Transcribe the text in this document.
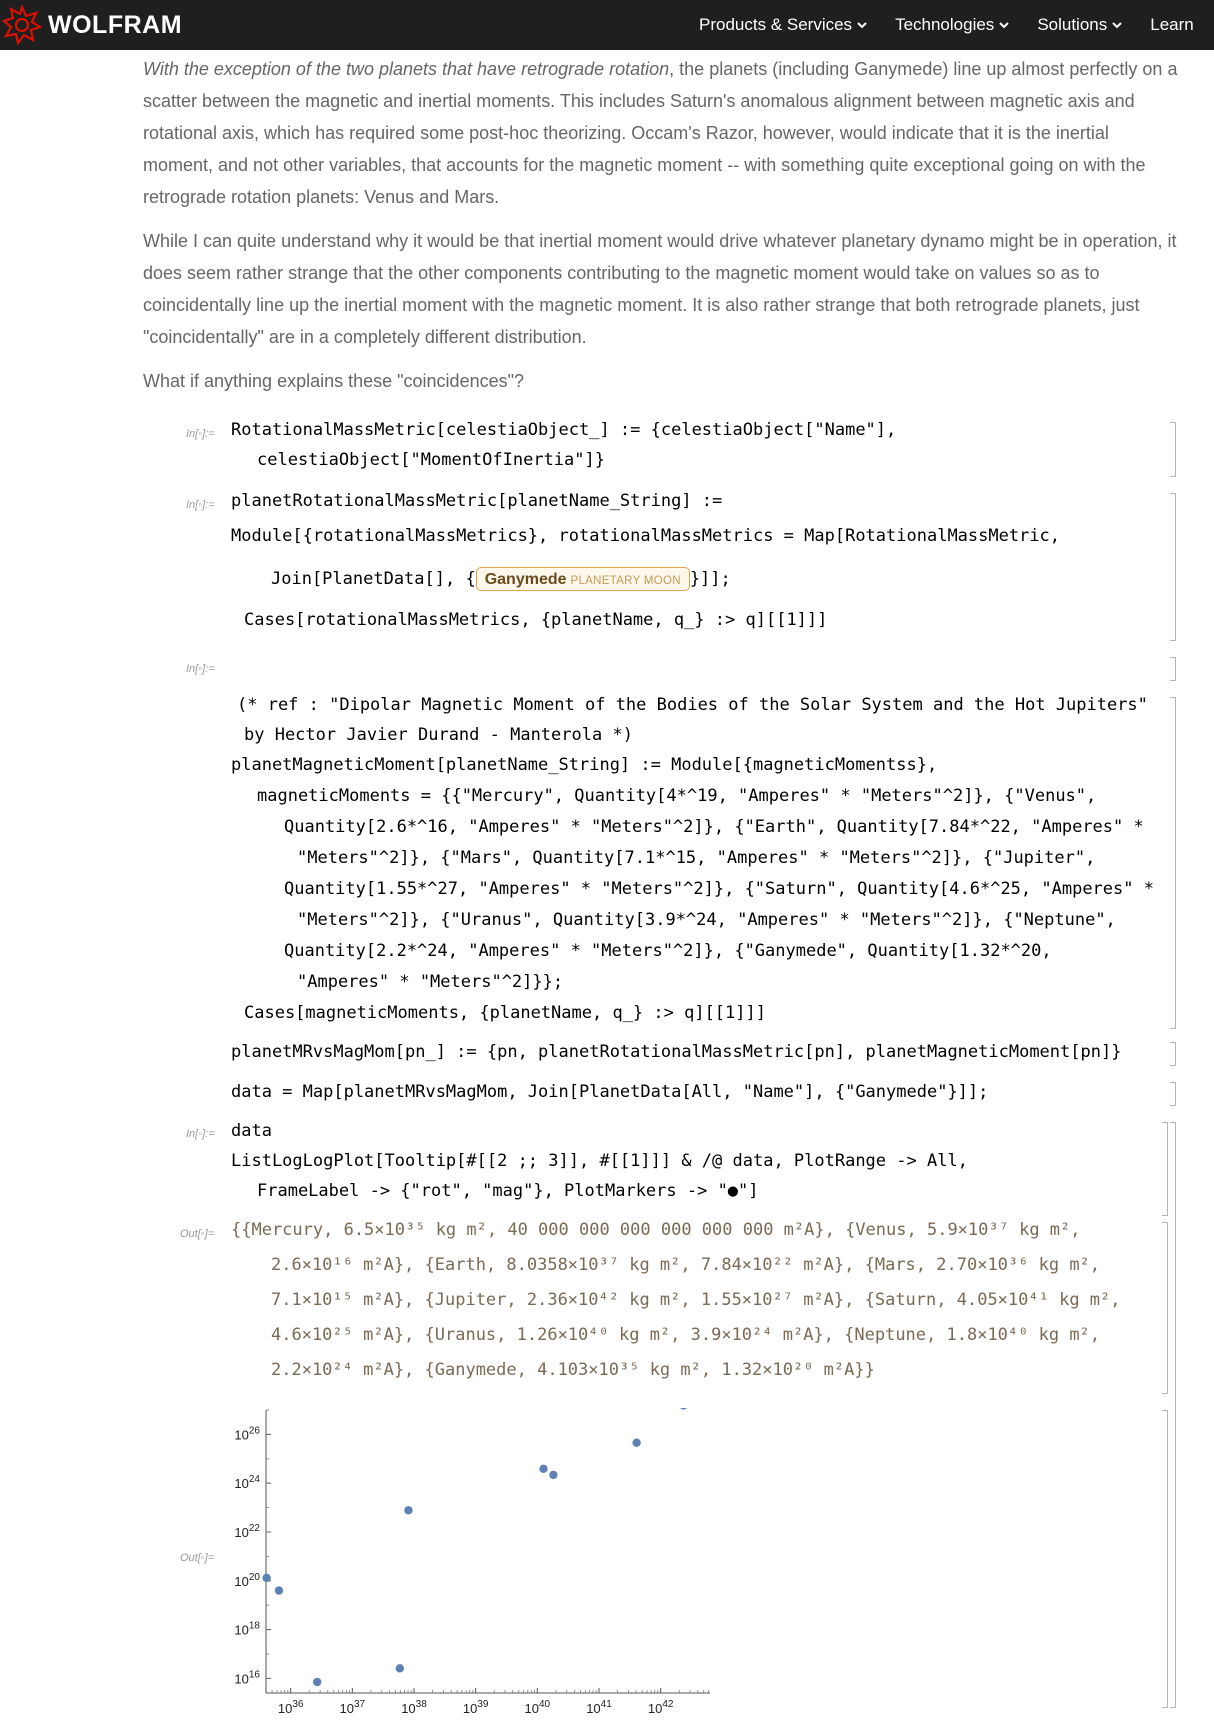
WOLFRAM	Products & Services	Technologies	Solutions	Learn

With the exception of the two planets that have retrograde rotation, the planets (including Ganymede) line up almost perfectly on a scatter between the magnetic and inertial moments. This includes Saturn's anomalous alignment between magnetic axis and rotational axis, which has required some post-hoc theorizing. Occam's Razor, however, would indicate that it is the inertial moment, and not other variables, that accounts for the magnetic moment -- with something quite exceptional going on with the retrograde rotation planets: Venus and Mars.

While I can quite understand why it would be that inertial moment would drive whatever planetary dynamo might be in operation, it does seem rather strange that the other components contributing to the magnetic moment would take on values so as to coincidentally line up the inertial moment with the magnetic moment. It is also rather strange that both retrograde planets, just "coincidentally" are in a completely different distribution.

What if anything explains these "coincidences"?

In[◦]:= RotationalMassMetric[celestiaObject_] := {celestiaObject["Name"],
celestiaObject["MomentOfInertia"]}
In[◦]:= planetRotationalMassMetric[planetName_String] :=
Module[{rotationalMassMetrics}, rotationalMassMetrics = Map[RotationalMassMetric,
Join[PlanetData[], { Ganymede PLANETARY MOON }]];
Cases[rotationalMassMetrics, {planetName, q_} :> q][[1]]]
In[◦]:=
(* ref : "Dipolar Magnetic Moment of the Bodies of the Solar System and the Hot Jupiters"
by Hector Javier Durand - Manterola *)
planetMagneticMoment[planetName_String] := Module[{magneticMomentss},
magneticMoments = {{"Mercury", Quantity[4*^19, "Amperes" * "Meters"^2]}, {"Venus",
Quantity[2.6*^16, "Amperes" * "Meters"^2]}, {"Earth", Quantity[7.84*^22, "Amperes" *
"Meters"^2]}, {"Mars", Quantity[7.1*^15, "Amperes" * "Meters"^2]}, {"Jupiter",
Quantity[1.55*^27, "Amperes" * "Meters"^2]}, {"Saturn", Quantity[4.6*^25, "Amperes" *
"Meters"^2]}, {"Uranus", Quantity[3.9*^24, "Amperes" * "Meters"^2]}, {"Neptune",
Quantity[2.2*^24, "Amperes" * "Meters"^2]}, {"Ganymede", Quantity[1.32*^20,
"Amperes" * "Meters"^2]}};
Cases[magneticMoments, {planetName, q_} :> q][[1]]]
planetMRvsMagMom[pn_] := {pn, planetRotationalMassMetric[pn], planetMagneticMoment[pn]}
data = Map[planetMRvsMagMom, Join[PlanetData[All, "Name"], {"Ganymede"}]];
In[◦]:= data
ListLogLogPlot[Tooltip[#[[2 ;; 3]], #[[1]]] & /@ data, PlotRange -> All,
FrameLabel -> {"rot", "mag"}, PlotMarkers -> "●"]
Out[◦]= {{Mercury, 6.5×10³⁵ kg m², 40 000 000 000 000 000 000 m²A}, {Venus, 5.9×10³⁷ kg m²,
2.6×10¹⁶ m²A}, {Earth, 8.0358×10³⁷ kg m², 7.84×10²² m²A}, {Mars, 2.70×10³⁶ kg m²,
7.1×10¹⁵ m²A}, {Jupiter, 2.36×10⁴² kg m², 1.55×10²⁷ m²A}, {Saturn, 4.05×10⁴¹ kg m²,
4.6×10²⁵ m²A}, {Uranus, 1.26×10⁴⁰ kg m², 3.9×10²⁴ m²A}, {Neptune, 1.8×10⁴⁰ kg m²,
2.2×10²⁴ m²A}, {Ganymede, 4.103×10³⁵ kg m², 1.32×10²⁰ m²A}}
Out[◦]=
$10^{16}$
$10^{18}$
$10^{20}$
$10^{22}$
$10^{24}$
$10^{26}$
$10^{36}$	$10^{37}$	$10^{38}$	$10^{39}$	$10^{40}$	$10^{41}$	$10^{42}$
